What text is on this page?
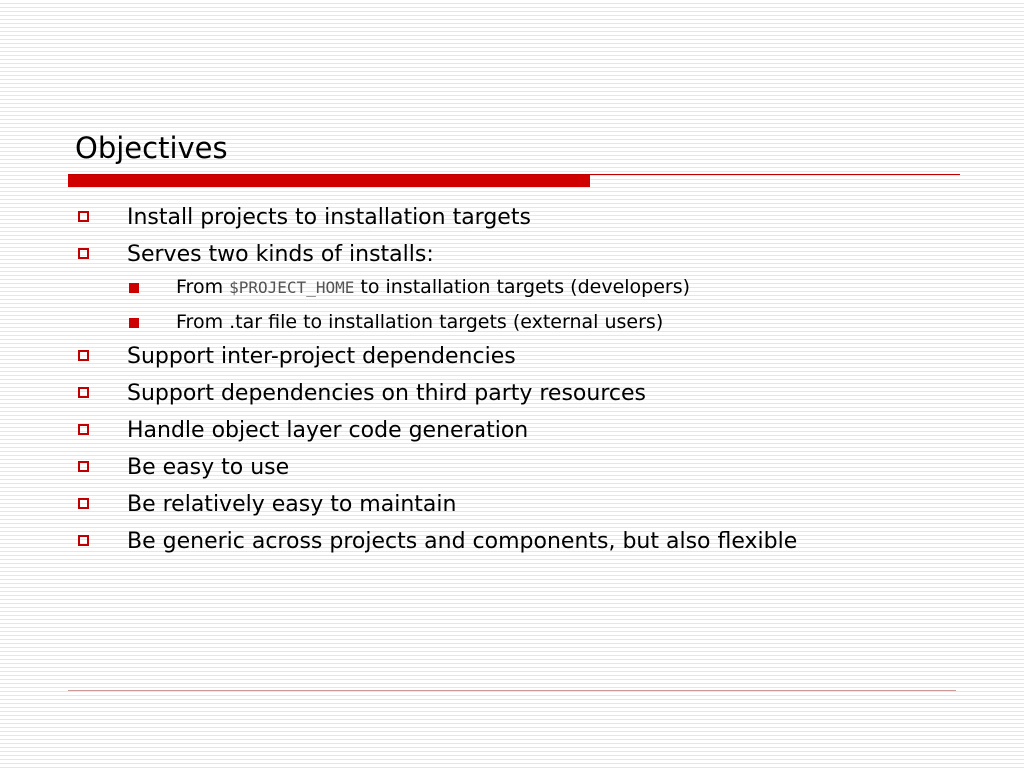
Objectives
Install projects to installation targets
Serves two kinds of installs:
From $PROJECT_HOME to installation targets (developers)
From .tar file to installation targets (external users)
Support inter-project dependencies
Support dependencies on third party resources
Handle object layer code generation
Be easy to use
Be relatively easy to maintain
Be generic across projects and components, but also flexible
